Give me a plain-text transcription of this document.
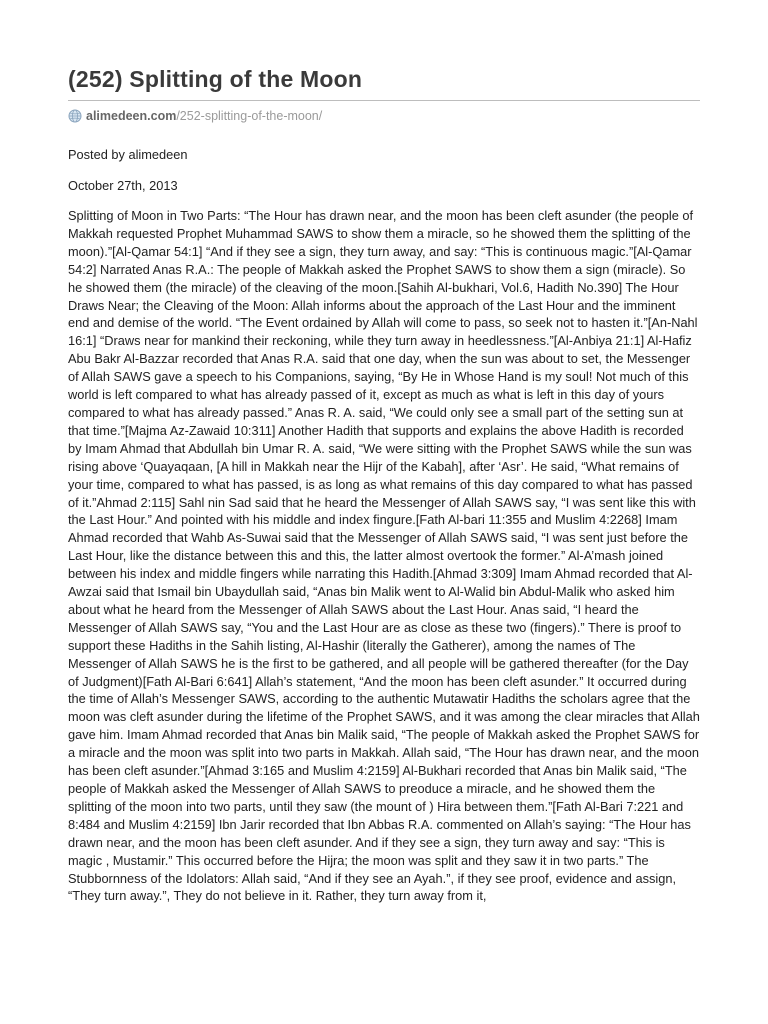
(252) Splitting of the Moon
alimedeen.com /252-splitting-of-the-moon/

Posted by alimedeen

October 27th, 2013

Splitting of Moon in Two Parts: “The Hour has drawn near, and the moon has been cleft asunder (the people of Makkah requested Prophet Muhammad SAWS to show them a miracle, so he showed them the splitting of the moon).”[Al-Qamar 54:1] “And if they see a sign, they turn away, and say: “This is continuous magic.”[Al-Qamar 54:2] Narrated Anas R.A.: The people of Makkah asked the Prophet SAWS to show them a sign (miracle). So he showed them (the miracle) of the cleaving of the moon.[Sahih Al-bukhari, Vol.6, Hadith No.390] The Hour Draws Near; the Cleaving of the Moon: Allah informs about the approach of the Last Hour and the imminent end and demise of the world. “The Event ordained by Allah will come to pass, so seek not to hasten it.”[An-Nahl 16:1] “Draws near for mankind their reckoning, while they turn away in heedlessness.”[Al-Anbiya 21:1] Al-Hafiz Abu Bakr Al-Bazzar recorded that Anas R.A. said that one day, when the sun was about to set, the Messenger of Allah SAWS gave a speech to his Companions, saying, “By He in Whose Hand is my soul! Not much of this world is left compared to what has already passed of it, except as much as what is left in this day of yours compared to what has already passed.” Anas R. A. said, “We could only see a small part of the setting sun at that time.”[Majma Az-Zawaid 10:311] Another Hadith that supports and explains the above Hadith is recorded by Imam Ahmad that Abdullah bin Umar R. A. said, “We were sitting with the Prophet SAWS while the sun was rising above ‘Quayaqaan, [A hill in Makkah near the Hijr of the Kabah], after ‘Asr’. He said, “What remains of your time, compared to what has passed, is as long as what remains of this day compared to what has passed of it.”Ahmad 2:115] Sahl nin Sad said that he heard the Messenger of Allah SAWS say, “I was sent like this with the Last Hour.” And pointed with his middle and index fingure.[Fath Al-bari 11:355 and Muslim 4:2268] Imam Ahmad recorded that Wahb As-Suwai said that the Messenger of Allah SAWS said, “I was sent just before the Last Hour, like the distance between this and this, the latter almost overtook the former.” Al-A’mash joined between his index and middle fingers while narrating this Hadith.[Ahmad 3:309] Imam Ahmad recorded that Al-Awzai said that Ismail bin Ubaydullah said, “Anas bin Malik went to Al-Walid bin Abdul-Malik who asked him about what he heard from the Messenger of Allah SAWS about the Last Hour. Anas said, “I heard the Messenger of Allah SAWS say, “You and the Last Hour are as close as these two (fingers).” There is proof to support these Hadiths in the Sahih listing, Al-Hashir (literally the Gatherer), among the names of The Messenger of Allah SAWS he is the first to be gathered, and all people will be gathered thereafter (for the Day of Judgment)[Fath Al-Bari 6:641] Allah’s statement, “And the moon has been cleft asunder.” It occurred during the time of Allah’s Messenger SAWS, according to the authentic Mutawatir Hadiths the scholars agree that the moon was cleft asunder during the lifetime of the Prophet SAWS, and it was among the clear miracles that Allah gave him. Imam Ahmad recorded that Anas bin Malik said, “The people of Makkah asked the Prophet SAWS for a miracle and the moon was split into two parts in Makkah. Allah said, “The Hour has drawn near, and the moon has been cleft asunder.”[Ahmad 3:165 and Muslim 4:2159] Al-Bukhari recorded that Anas bin Malik said, “The people of Makkah asked the Messenger of Allah SAWS to preoduce a miracle, and he showed them the splitting of the moon into two parts, until they saw (the mount of ) Hira between them.”[Fath Al-Bari 7:221 and 8:484 and Muslim 4:2159] Ibn Jarir recorded that Ibn Abbas R.A. commented on Allah’s saying: “The Hour has drawn near, and the moon has been cleft asunder. And if they see a sign, they turn away and say: “This is magic , Mustamir.” This occurred before the Hijra; the moon was split and they saw it in two parts.” The Stubbornness of the Idolators: Allah said, “And if they see an Ayah.”, if they see proof, evidence and assign, “They turn away.”, They do not believe in it. Rather, they turn away from it,
